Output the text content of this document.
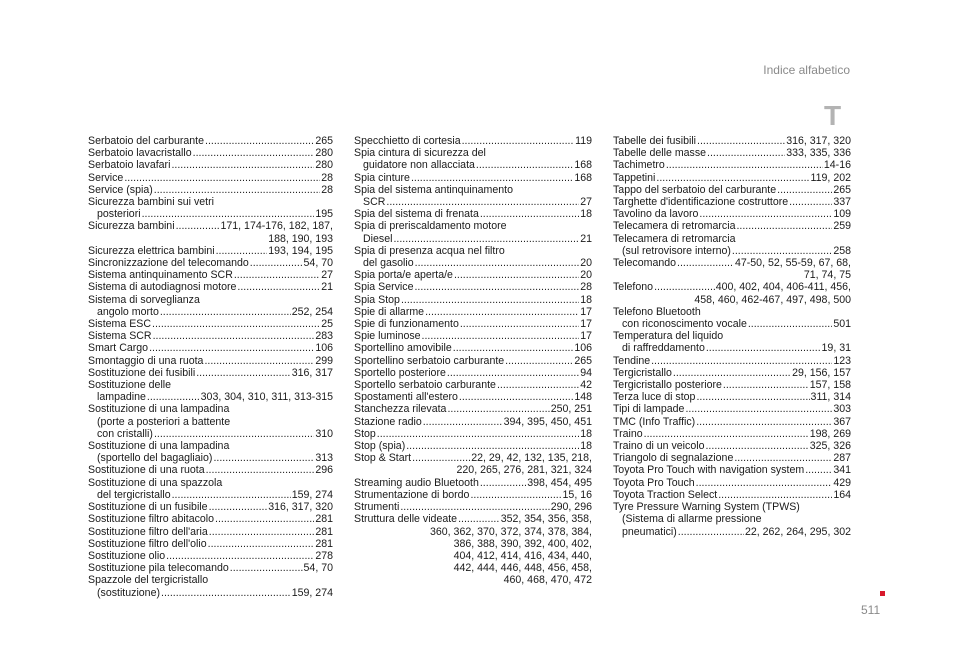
Indice alfabetico
T
Serbatoio del carburante .....	265
Serbatoio lavacristallo .....	280
Serbatoio lavafari .....	280
Service .....	28
Service (spia) .....	28
Sicurezza bambini sui vetri
posteriori .....	195
Sicurezza bambini .....	171, 174-176, 182, 187,
188, 190, 193
Sicurezza elettrica bambini .....	193, 194, 195
Sincronizzazione del telecomando .....	54, 70
Sistema antinquinamento SCR .....	27
Sistema di autodiagnosi motore .....	21
Sistema di sorveglianza
angolo morto .....	252, 254
Sistema ESC .....	25
Sistema SCR .....	283
Smart Cargo .....	106
Smontaggio di una ruota .....	299
Sostituzione dei fusibili .....	316, 317
Sostituzione delle
lampadine .....	303, 304, 310, 311, 313-315
Sostituzione di una lampadina
(porte a posteriori a battente
con cristalli) .....	310
Sostituzione di una lampadina
(sportello del bagagliaio) .....	313
Sostituzione di una ruota .....	296
Sostituzione di una spazzola
del tergicristallo .....	159, 274
Sostituzione di un fusibile .....	316, 317, 320
Sostituzione filtro abitacolo .....	281
Sostituzione filtro dell'aria .....	281
Sostituzione filtro dell'olio .....	281
Sostituzione olio .....	278
Sostituzione pila telecomando .....	54, 70
Spazzole del tergicristallo
(sostituzione) .....	159, 274
Specchietto di cortesia .....	119
Spia cintura di sicurezza del
guidatore non allacciata .....	168
Spia cinture .....	168
Spia del sistema antinquinamento
SCR .....	27
Spia del sistema di frenata .....	18
Spia di preriscaldamento motore
Diesel .....	21
Spia di presenza acqua nel filtro
del gasolio .....	20
Spia porta/e aperta/e .....	20
Spia Service .....	28
Spia Stop .....	18
Spie di allarme .....	17
Spie di funzionamento .....	17
Spie luminose .....	17
Sportellino amovibile .....	106
Sportellino serbatoio carburante .....	265
Sportello posteriore .....	94
Sportello serbatoio carburante .....	42
Spostamenti all'estero .....	148
Stanchezza rilevata .....	250, 251
Stazione radio .....	394, 395, 450, 451
Stop .....	18
Stop (spia) .....	18
Stop & Start .....	22, 29, 42, 132, 135, 218,
220, 265, 276, 281, 321, 324
Streaming audio Bluetooth .....	398, 454, 495
Strumentazione di bordo .....	15, 16
Strumenti .....	290, 296
Struttura delle videate .....	352, 354, 356, 358,
360, 362, 370, 372, 374, 378, 384,
386, 388, 390, 392, 400, 402,
404, 412, 414, 416, 434, 440,
442, 444, 446, 448, 456, 458,
460, 468, 470, 472
Tabelle dei fusibili .....	316, 317, 320
Tabelle delle masse .....	333, 335, 336
Tachimetro .....	14-16
Tappetini .....	119, 202
Tappo del serbatoio del carburante .....	265
Targhette d'identificazione costruttore .....	337
Tavolino da lavoro .....	109
Telecamera di retromarcia .....	259
Telecamera di retromarcia
(sul retrovisore interno) .....	258
Telecomando .....	47-50, 52, 55-59, 67, 68,
71, 74, 75
Telefono .....	400, 402, 404, 406-411, 456,
458, 460, 462-467, 497, 498, 500
Telefono Bluetooth
con riconoscimento vocale .....	501
Temperatura del liquido
di raffreddamento .....	19, 31
Tendine .....	123
Tergicristallo .....	29, 156, 157
Tergicristallo posteriore .....	157, 158
Terza luce di stop .....	311, 314
Tipi di lampade .....	303
TMC (Info Traffic) .....	367
Traino .....	198, 269
Traino di un veicolo .....	325, 326
Triangolo di segnalazione .....	287
Toyota Pro Touch with navigation system .....	341
Toyota Pro Touch .....	429
Toyota Traction Select .....	164
Tyre Pressure Warning System (TPWS)
(Sistema di allarme pressione
pneumatici) .....	22, 262, 264, 295, 302
511
